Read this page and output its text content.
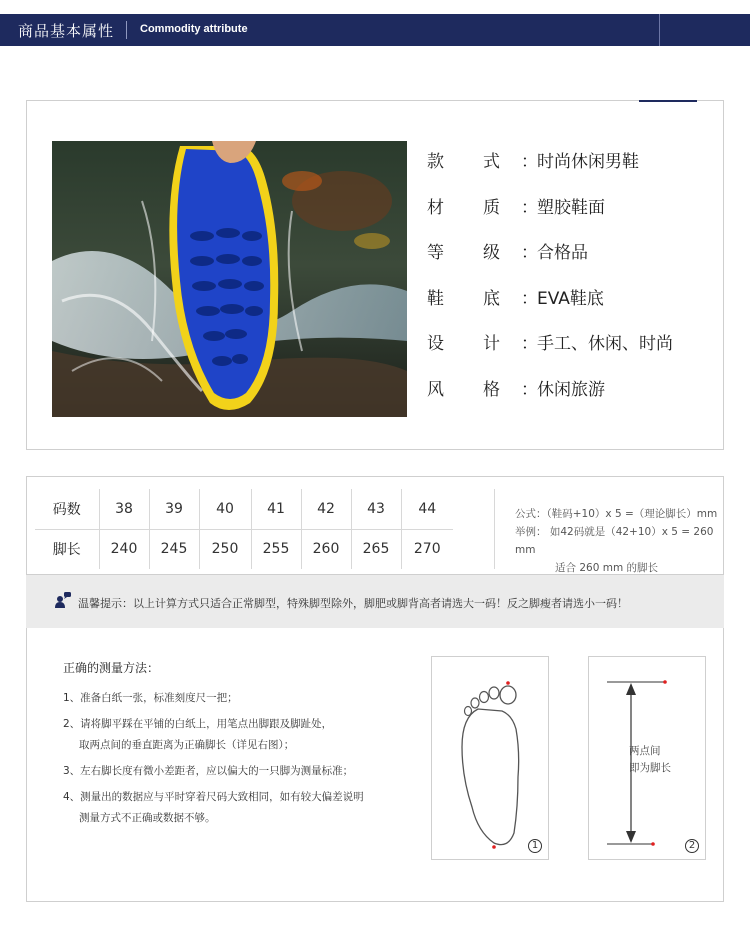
商品基本属性 Commodity attribute
款	式	： 时尚休闲男鞋
材	质	： 塑胶鞋面
等	级	： 合格品
鞋	底	： EVA鞋底
设	计	： 手工、休闲、时尚
风	格	： 休闲旅游
码数	38	39	40	41	42	43	44
脚长	240	245	250	255	260	265	270
公式：（鞋码+10）x 5 =（理论脚长）mm
举例： 如42码就是（42+10）x 5 = 260 mm
适合 260 mm 的脚长
温馨提示：以上计算方式只适合正常脚型，特殊脚型除外，脚肥或脚背高者请选大一码！反之脚瘦者请选小一码！
正确的测量方法：
1、准备白纸一张，标准刻度尺一把；
2、请将脚平踩在平铺的白纸上，用笔点出脚跟及脚趾处，
取两点间的垂直距离为正确脚长（详见右图）；
3、左右脚长度有微小差距者，应以偏大的一只脚为测量标准；
4、测量出的数据应与平时穿着尺码大致相同，如有较大偏差说明
测量方式不正确或数据不够。
1
两点间
即为脚长
2
